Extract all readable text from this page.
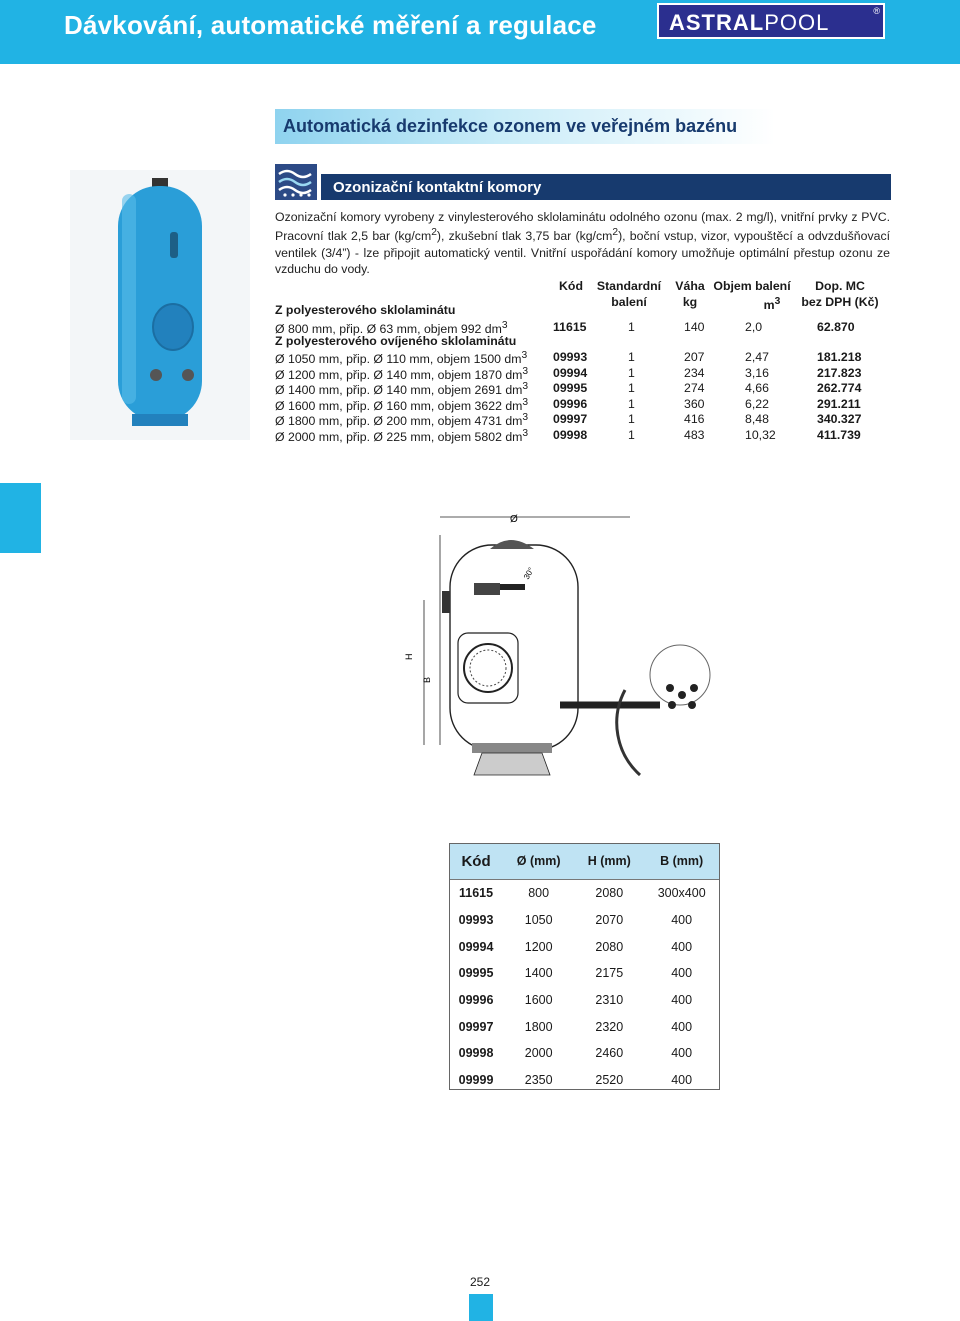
Dávkování, automatické měření a regulace	ASTRALPOOL	®
Automatická dezinfekce ozonem ve veřejném bazénu
Ozonizační kontaktní komory
Ozonizační komory vyrobeny z vinylesterového sklolaminátu odolného ozonu (max. 2 mg/l), vnitřní prvky z PVC. Pracovní tlak 2,5 bar $(kg/cm^2)$, zkušební tlak 3,75 bar $(kg/cm^2)$, boční vstup, vizor, vypouštěcí a odvzdušňovací ventilek (3/4”) - lze připojit automatický ventil. Vnitřní uspořádání komory umožňuje optimální přestup ozonu ze vzduchu do vody.
Kód	Standardní
balení
Váha
kg
Objem balení
$m^3$
Dop. MC
bez DPH (Kč)
Z polyesterového sklolaminátu
Ø 800 mm, přip. Ø 63 mm, objem 992 $dm^3$	11615	1	140	2,0	62.870
Z polyesterového ovíjeného sklolaminátu
Ø 1050 mm, přip. Ø 110 mm, objem 1500 $dm^3$ 09993	1	207	2,47	181.218
Ø 1200 mm, přip. Ø 140 mm, objem 1870 $dm^3$ 09994	1	234	3,16	217.823
Ø 1400 mm, přip. Ø 140 mm, objem 2691 $dm^3$ 09995	1	274	4,66	262.774
Ø 1600 mm, přip. Ø 160 mm, objem 3622 $dm^3$ 09996	1	360	6,22	291.211
Ø 1800 mm, přip. Ø 200 mm, objem 4731 $dm^3$ 09997	1	416	8,48	340.327
Ø 2000 mm, přip. Ø 225 mm, objem 5802 $dm^3$ 09998	1	483	10,32	411.739
Ø
H
B
30°
Kód	Ø (mm)	H (mm)	B (mm)
11615	800	2080	300x400
09993	1050	2070	400
09994	1200	2080	400
09995	1400	2175	400
09996	1600	2310	400
09997	1800	2320	400
09998	2000	2460	400
09999	2350	2520	400
252
